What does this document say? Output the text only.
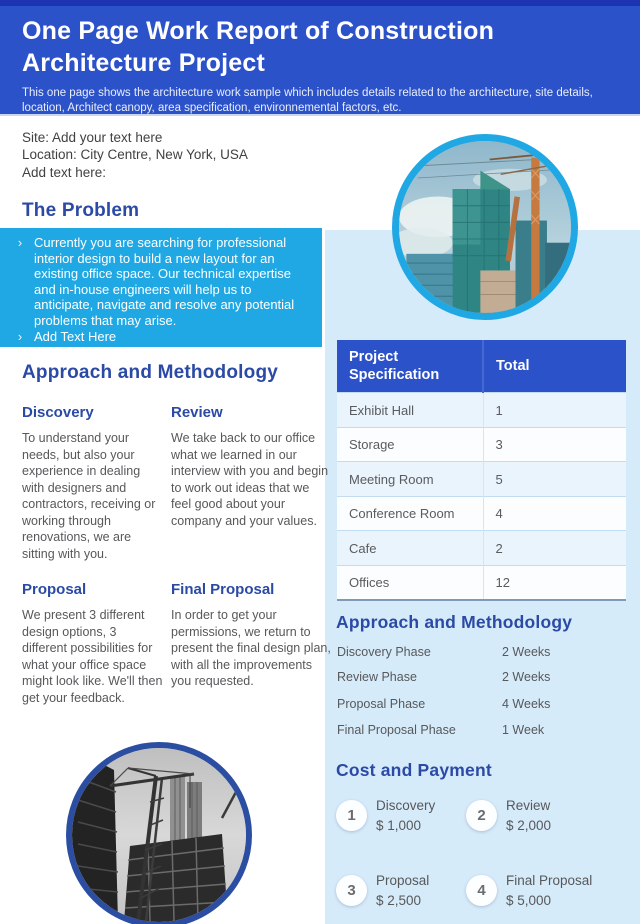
One Page Work Report of Construction Architecture Project
This one page shows the architecture work sample which includes details related to the architecture, site details, location, Architect canopy, area specification, environnemental factors, etc.
Site: Add your text here
Location: City Centre, New York, USA
Add text here:
The Problem
› Currently you are searching for professional interior design to build a new layout for an existing office space. Our technical expertise and in-house engineers will help us to anticipate, navigate and resolve any potential problems that may arise.
› Add Text Here
Approach and Methodology
Discovery
To understand your needs, but also your experience in dealing with designers and contractors, receiving or working through renovations, we are sitting with you.
Review
We take back to our office what we learned in our interview with you and begin to work out ideas that we feel good about your company and your values.
Proposal
We present 3 different design options, 3 different possibilities for what your office space might look like. We'll then get your feedback.
Final Proposal
In order to get your permissions, we return to present the final design plan, with all the improvements you requested.
Project Specification	Total
Exhibit Hall	1
Storage	3
Meeting Room	5
Conference Room	4
Cafe	2
Offices	12
Approach and Methodology
Discovery Phase	2 Weeks
Review Phase	2 Weeks
Proposal Phase	4 Weeks
Final Proposal Phase	1 Week
Cost and Payment
1
Discovery
$ 1,000
2
Review
$ 2,000
3
Proposal
$ 2,500
4
Final Proposal
$ 5,000
